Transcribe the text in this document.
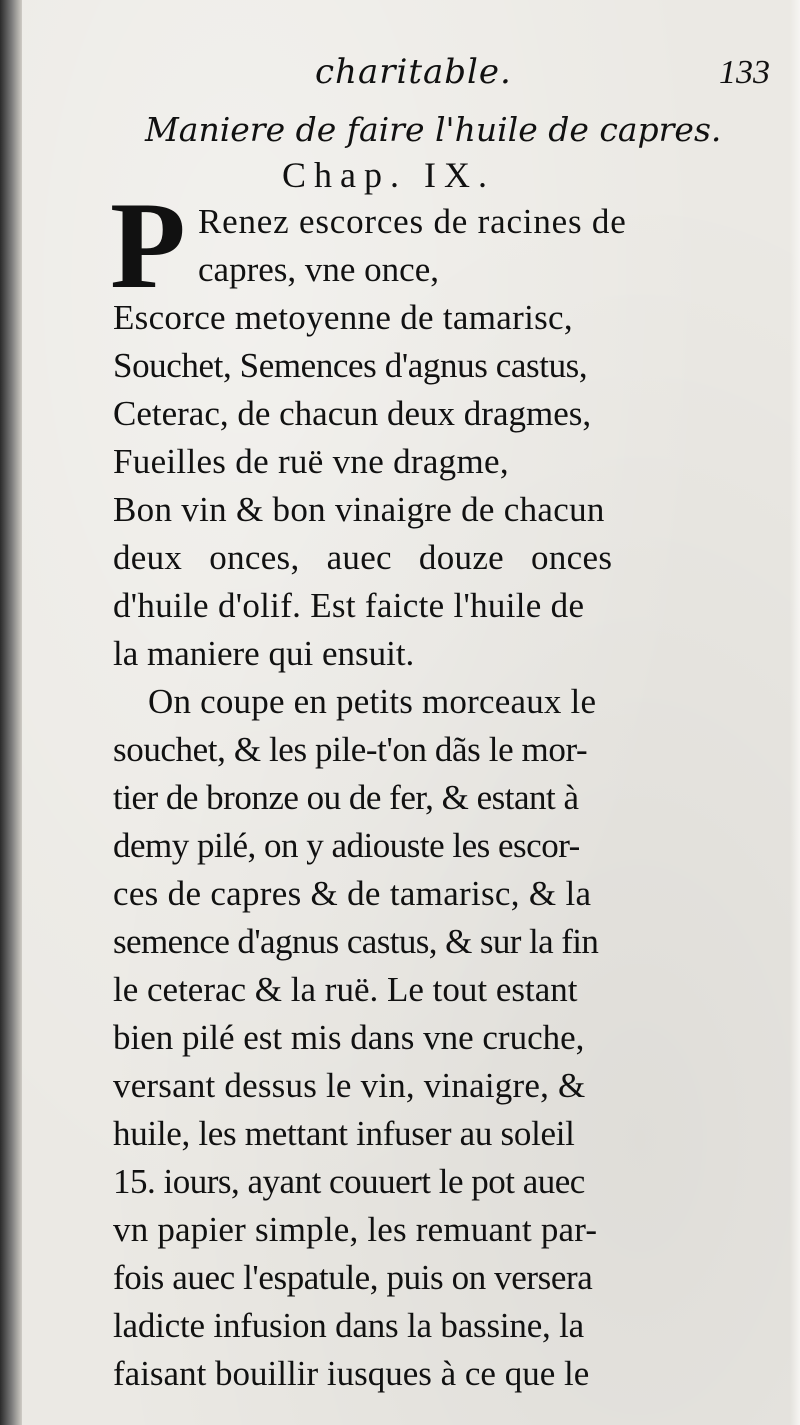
charitable.	133
Maniere de faire l'huile de capres.
Chap. IX.
P Renez escorces de racines de
capres, vne once,
Escorce metoyenne de tamarisc,
Souchet, Semences d'agnus castus,
Ceterac, de chacun deux dragmes,
Fueilles de ruë vne dragme,
Bon vin & bon vinaigre de chacun
deux onces, auec douze onces
d'huile d'olif. Est faicte l'huile de
la maniere qui ensuit.
On coupe en petits morceaux le
souchet, & les pile-t'on dãs le mor-
tier de bronze ou de fer, & estant à
demy pilé, on y adiouste les escor-
ces de capres & de tamarisc, & la
semence d'agnus castus, & sur la fin
le ceterac & la ruë. Le tout estant
bien pilé est mis dans vne cruche,
versant dessus le vin, vinaigre, &
huile, les mettant infuser au soleil
15. iours, ayant couuert le pot auec
vn papier simple, les remuant par-
fois auec l'espatule, puis on versera
ladicte infusion dans la bassine, la
faisant bouillir iusques à ce que le
